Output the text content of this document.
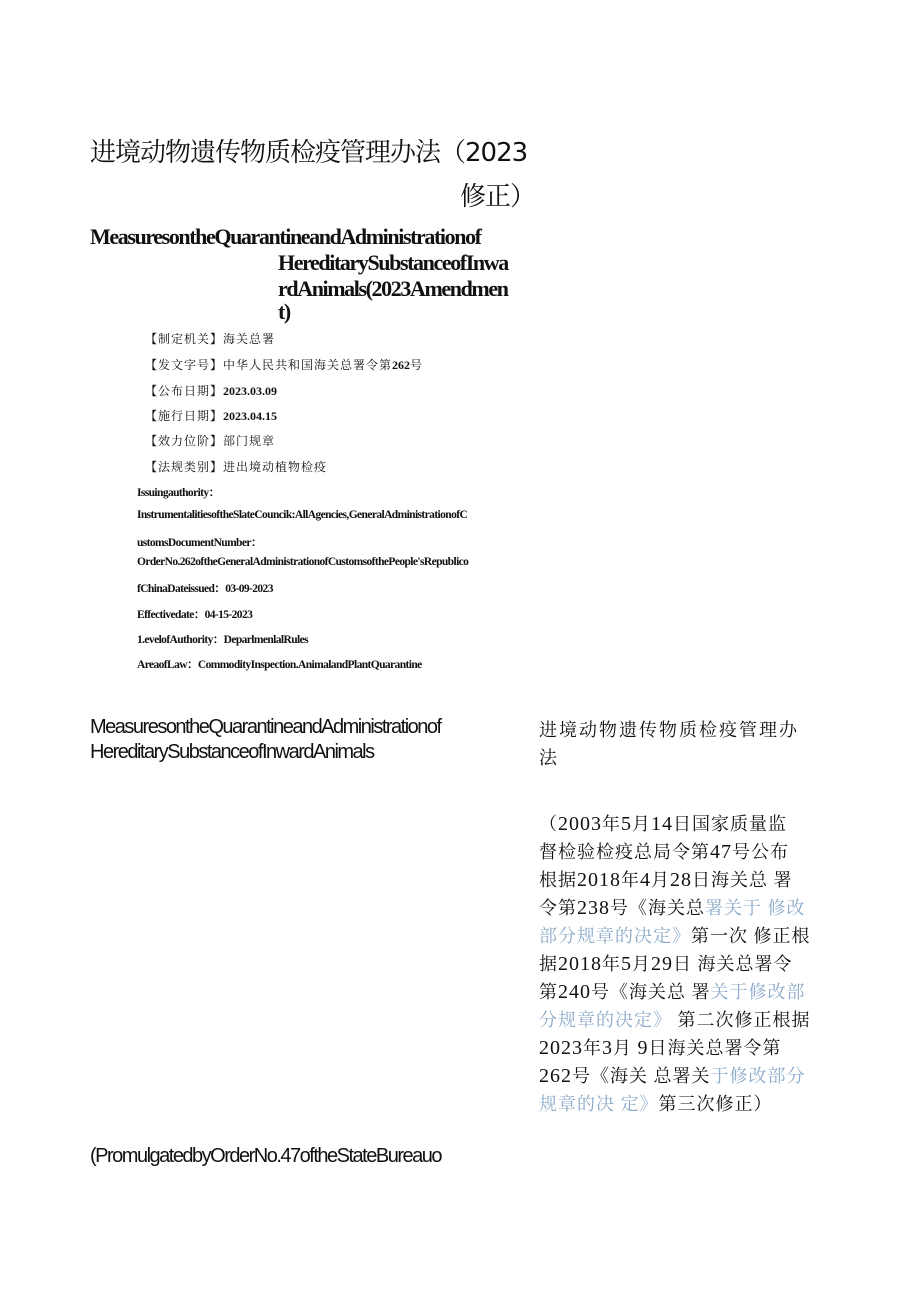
进境动物遗传物质检疫管理办法（2023
修正）
MeasuresontheQuarantineandAdministrationof
HereditarySubstanceofInwa
rdAnimals(2023Amendmen
t)
【制定机关】海关总署
【发文字号】中华人民共和国海关总署令第262号
【公布日期】2023.03.09
【施行日期】2023.04.15
【效力位阶】部门规章
【法规类别】进出境动植物检疫
Issuingauthority：
InstrumentalitiesoftheSlateCouncik:AllAgencies,GeneralAdministrationofC
ustomsDocumentNumber：
OrderNo.262oftheGeneralAdministrationofCustomsofthePeople'sRepublico
fChinaDateissued：03-09-2023
Effectivedate：04-15-2023
1.evelofAuthority：DeparlmenlalRules
AreaofLaw：CommodityInspection.AnimalandPlantQuarantine
MeasuresontheQuarantineandAdministrationof
HereditarySubstanceofInwardAnimals
进境动物遗传物质检疫管理办
法
（2003年5月14日国家质量监
督检验检疫总局令第47号公布
根据2018年4月28日海关总 署
令第238号《海关总署关于 修改
部分规章的决定》第一次 修正根
据2018年5月29日 海关总署令
第240号《海关总 署关于修改部
分规章的决定》 第二次修正根据
2023年3月 9日海关总署令第
262号《海关 总署关于修改部分
规章的决 定》第三次修正）
(PromulgatedbyOrderNo.47oftheStateBureauo
